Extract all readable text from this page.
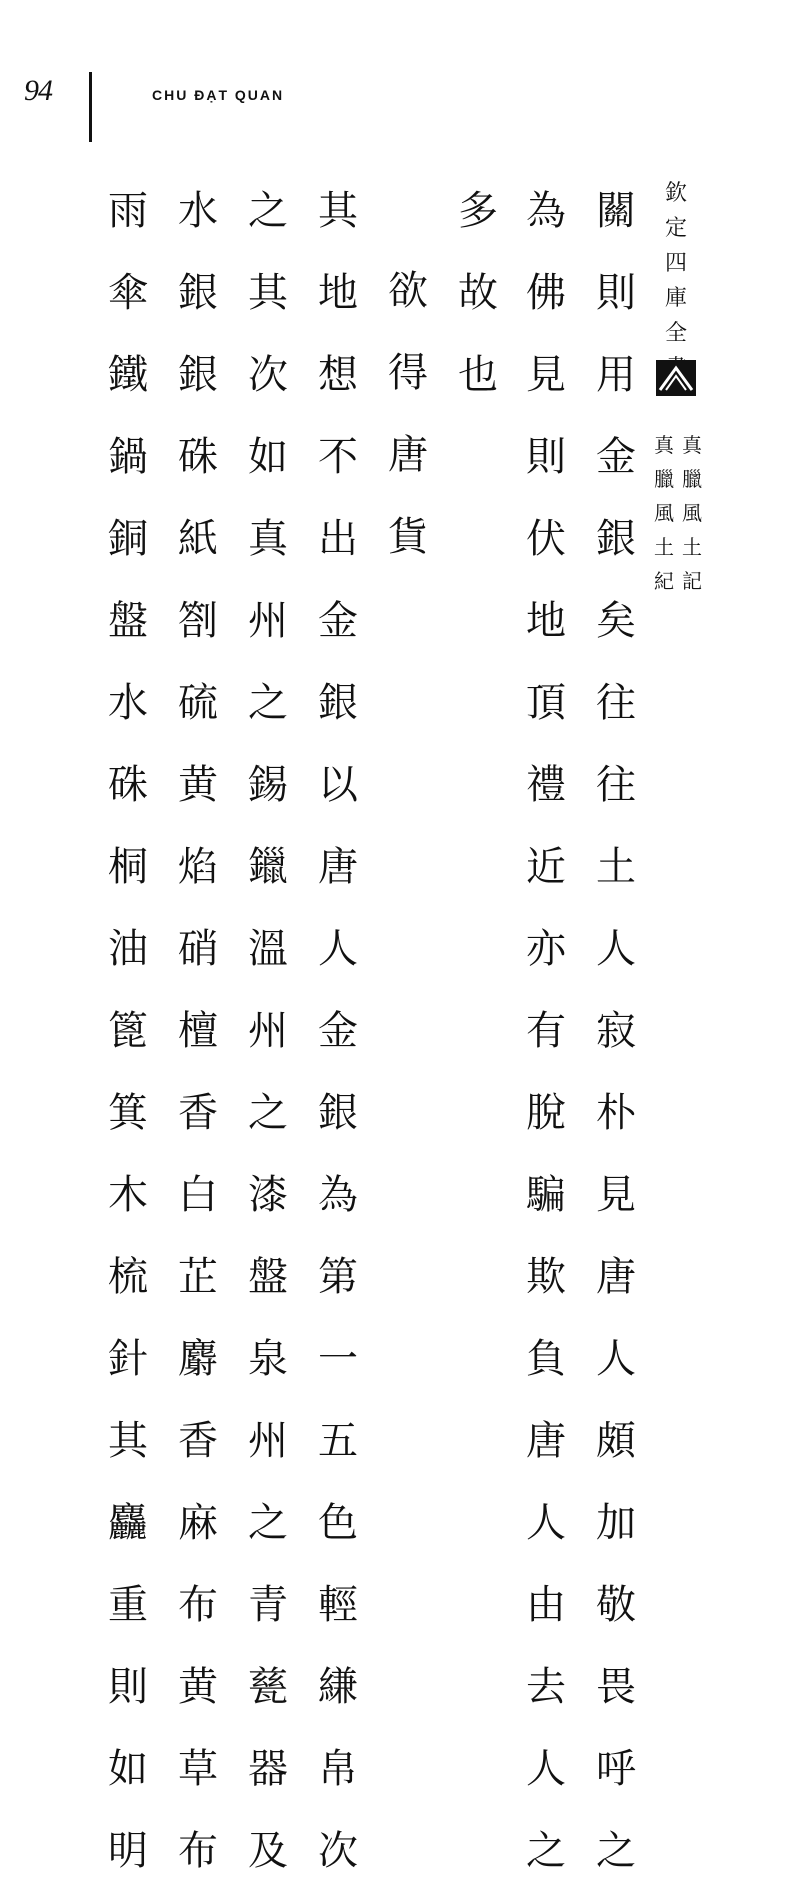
94	CHU ĐẠT QUAN
欽定四庫全
真臘風土記
真臘風土紀
關則用金銀矣往往土人寂朴見唐人頗加敬畏呼之
為佛見則伏地頂禮近亦有脫騙欺負唐人由去人之
多故也
欲得唐貨
其地想不出金銀以唐人金銀為第一五色輕縑帛次
之其次如真州之錫鑞溫州之漆盤泉州之青甆器及
水銀銀硃紙劄硫黄焰硝檀香白芷麝香麻布黄草布
雨傘鐵鍋銅盤水硃桐油篦箕木梳針其麤重則如明
